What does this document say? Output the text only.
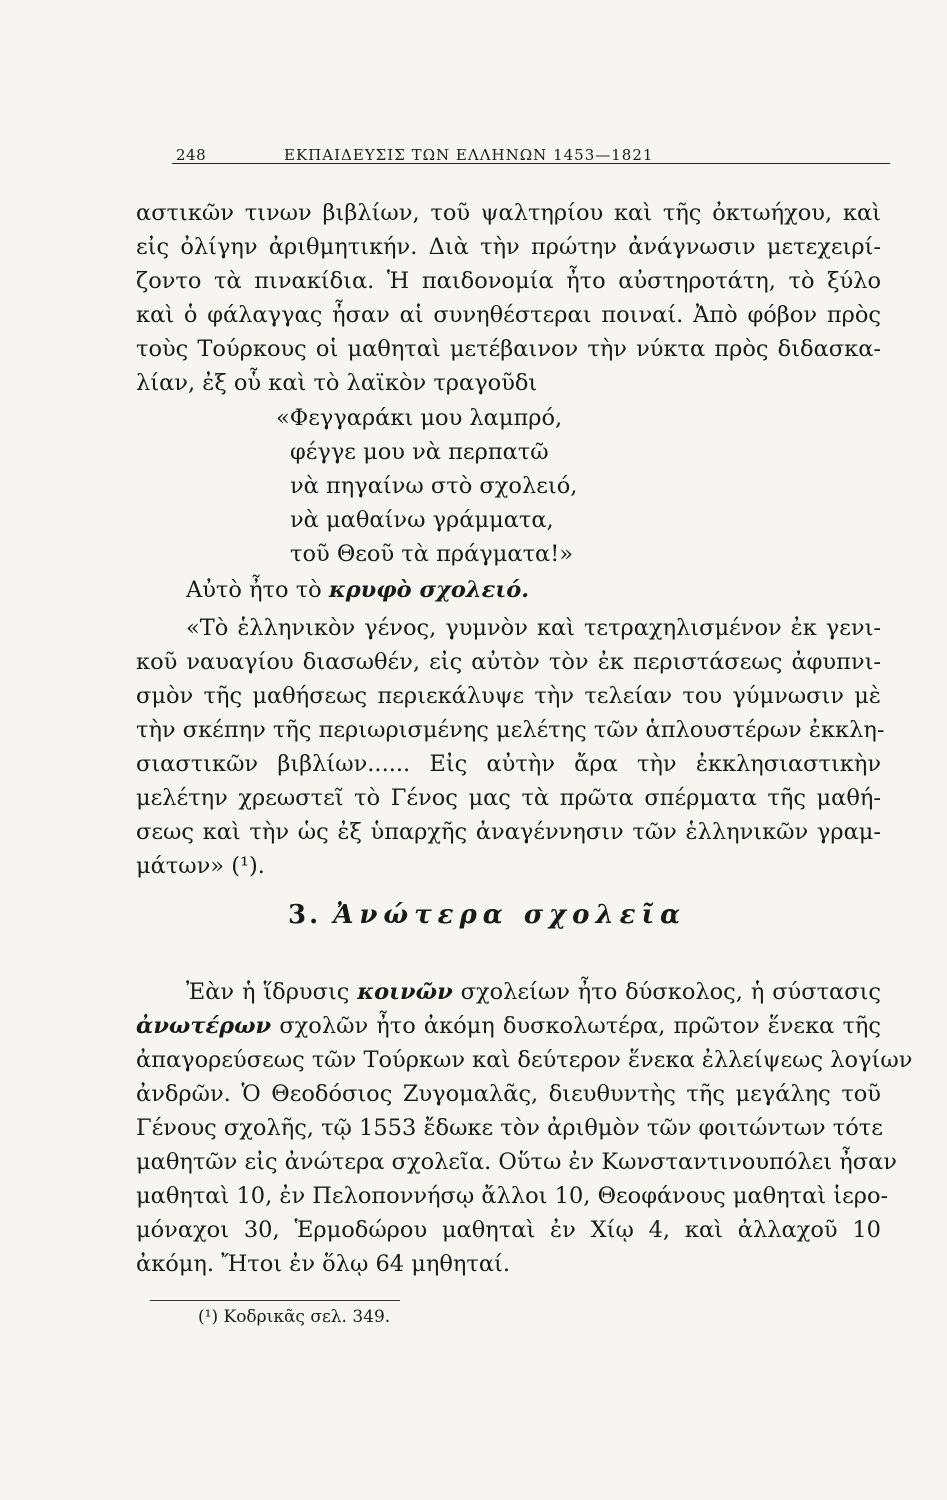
248	ΕΚΠΑΙΔΕΥΣΙΣ ΤΩΝ ΕΛΛΗΝΩΝ 1453—1821
αστικῶν τινων βιβλίων, τοῦ ψαλτηρίου καὶ τῆς ὀκτωήχου, καὶ
εἰς ὀλίγην ἀριθμητικήν. Διὰ τὴν πρώτην ἀνάγνωσιν μετεχειρί-
ζοντο τὰ πινακίδια. Ἡ παιδονομία ἦτο αὐστηροτάτη, τὸ ξύλο
καὶ ὁ φάλαγγας ἦσαν αἱ συνηθέστεραι ποιναί. Ἀπὸ φόβον πρὸς
τοὺς Τούρκους οἱ μαθηταὶ μετέβαινον τὴν νύκτα πρὸς διδασκα-
λίαν, ἐξ οὗ καὶ τὸ λαϊκὸν τραγοῦδι
«Φεγγαράκι μου λαμπρό,
φέγγε μου νὰ περπατῶ
νὰ πηγαίνω στὸ σχολειό,
νὰ μαθαίνω γράμματα,
τοῦ Θεοῦ τὰ πράγματα!»
Αὐτὸ ἦτο τὸ κρυφὸ σχολειό.
«Τὸ ἑλληνικὸν γένος, γυμνὸν καὶ τετραχηλισμένον ἐκ γενι-
κοῦ ναυαγίου διασωθέν, εἰς αὐτὸν τὸν ἐκ περιστάσεως ἀφυπνι-
σμὸν τῆς μαθήσεως περιεκάλυψε τὴν τελείαν του γύμνωσιν μὲ
τὴν σκέπην τῆς περιωρισμένης μελέτης τῶν ἁπλουστέρων ἐκκλη-
σιαστικῶν βιβλίων...... Εἰς αὐτὴν ἄρα τὴν ἐκκλησιαστικὴν
μελέτην χρεωστεῖ τὸ Γένος μας τὰ πρῶτα σπέρματα τῆς μαθή-
σεως καὶ τὴν ὡς ἐξ ὑπαρχῆς ἀναγέννησιν τῶν ἑλληνικῶν γραμ-
μάτων» (¹).
3. Ἀνώτερα σχολεῖα
Ἐὰν ἡ ἵδρυσις κοινῶν σχολείων ἦτο δύσκολος, ἡ σύστασις
ἀνωτέρων σχολῶν ἦτο ἀκόμη δυσκολωτέρα, πρῶτον ἕνεκα τῆς
ἀπαγορεύσεως τῶν Τούρκων καὶ δεύτερον ἕνεκα ἐλλείψεως λογίων
ἀνδρῶν. Ὁ Θεοδόσιος Ζυγομαλᾶς, διευθυντὴς τῆς μεγάλης τοῦ
Γένους σχολῆς, τῷ 1553 ἔδωκε τὸν ἀριθμὸν τῶν φοιτώντων τότε
μαθητῶν εἰς ἀνώτερα σχολεῖα. Οὕτω ἐν Κωνσταντινουπόλει ἦσαν
μαθηταὶ 10, ἐν Πελοποννήσῳ ἄλλοι 10, Θεοφάνους μαθηταὶ ἱερο-
μόναχοι 30, Ἑρμοδώρου μαθηταὶ ἐν Χίῳ 4, καὶ ἀλλαχοῦ 10
ἀκόμη. Ἤτοι ἐν ὅλῳ 64 μηθηταί.
(¹) Κοδρικᾶς σελ. 349.
